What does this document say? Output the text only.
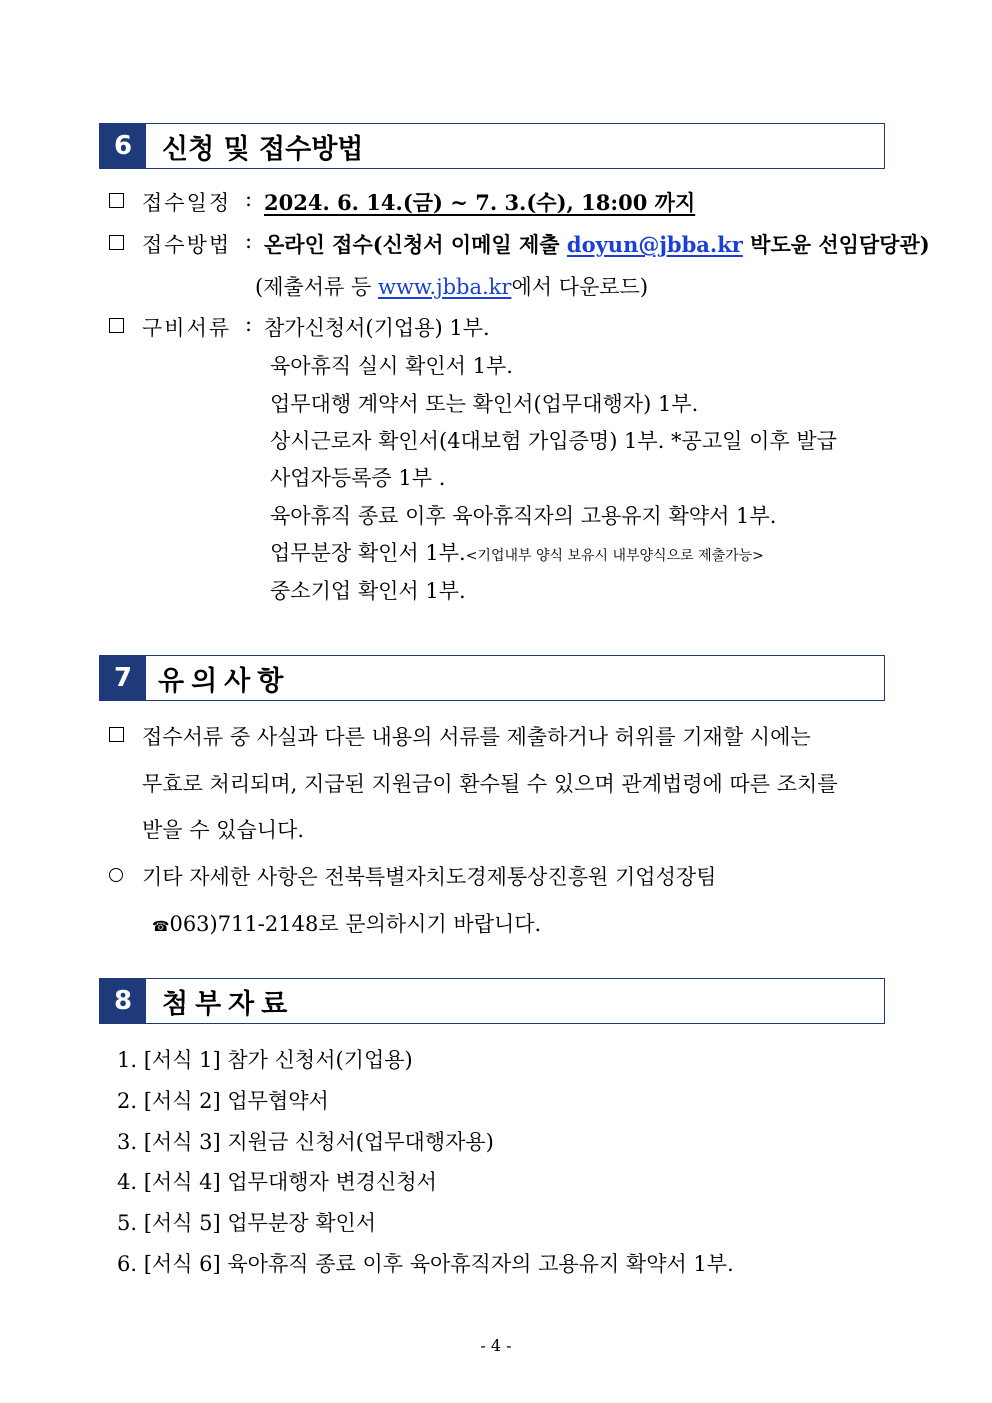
6	신청 및 접수방법
접수일정 : 2024. 6. 14.(금) ~ 7. 3.(수), 18:00 까지
접수방법 : 온라인 접수(신청서 이메일 제출 doyun@jbba.kr 박도윤 선임담당관)
(제출서류 등 www.jbba.kr에서 다운로드)
구비서류 : 참가신청서(기업용) 1부.
육아휴직 실시 확인서 1부.
업무대행 계약서 또는 확인서(업무대행자) 1부.
상시근로자 확인서(4대보험 가입증명) 1부. *공고일 이후 발급
사업자등록증 1부 .
육아휴직 종료 이후 육아휴직자의 고용유지 확약서 1부.
업무분장 확인서 1부.<기업내부 양식 보유시 내부양식으로 제출가능>
중소기업 확인서 1부.
7 유의사항
접수서류 중 사실과 다른 내용의 서류를 제출하거나 허위를 기재할 시에는
무효로 처리되며, 지급된 지원금이 환수될 수 있으며 관계법령에 따른 조치를
받을 수 있습니다.
기타 자세한 사항은 전북특별자치도경제통상진흥원 기업성장팀
☎063)711-2148로 문의하시기 바랍니다.
8	첨부자료
1. [서식 1] 참가 신청서(기업용)
2. [서식 2] 업무협약서
3. [서식 3] 지원금 신청서(업무대행자용)
4. [서식 4] 업무대행자 변경신청서
5. [서식 5] 업무분장 확인서
6. [서식 6] 육아휴직 종료 이후 육아휴직자의 고용유지 확약서 1부.
- 4 -
